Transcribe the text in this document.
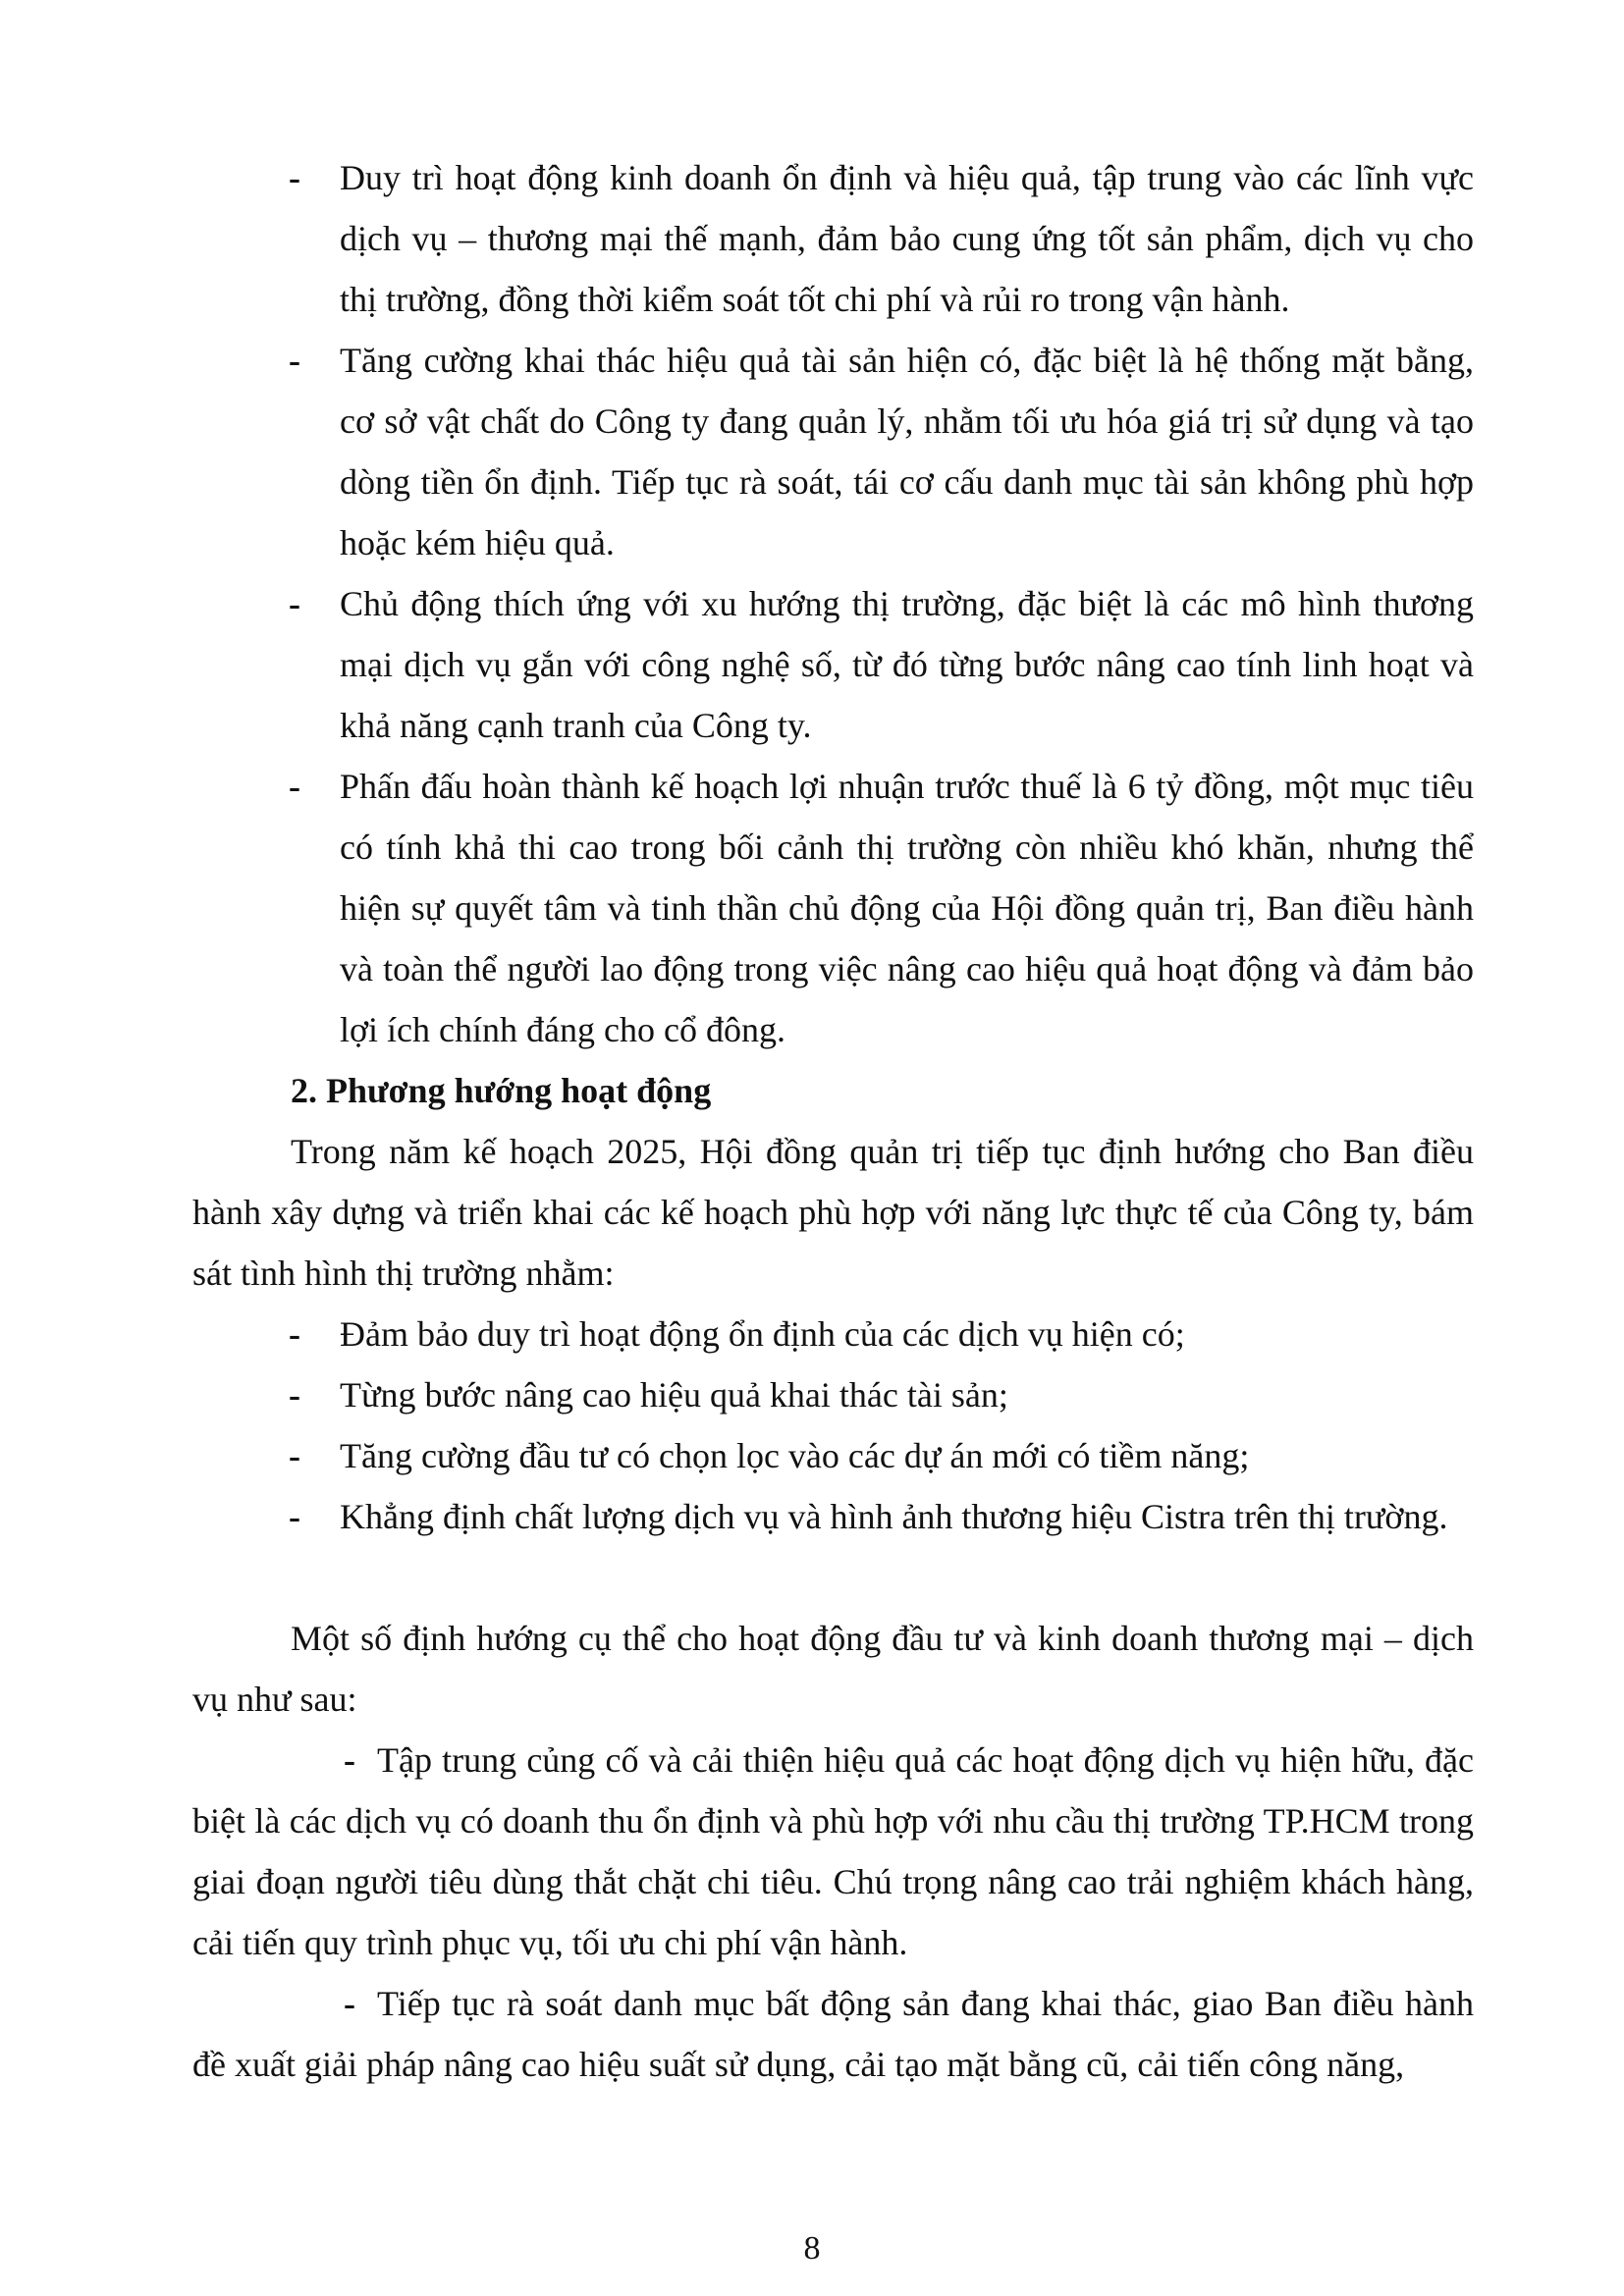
- Duy trì hoạt động kinh doanh ổn định và hiệu quả, tập trung vào các lĩnh vực dịch vụ – thương mại thế mạnh, đảm bảo cung ứng tốt sản phẩm, dịch vụ cho thị trường, đồng thời kiểm soát tốt chi phí và rủi ro trong vận hành.
- Tăng cường khai thác hiệu quả tài sản hiện có, đặc biệt là hệ thống mặt bằng, cơ sở vật chất do Công ty đang quản lý, nhằm tối ưu hóa giá trị sử dụng và tạo dòng tiền ổn định. Tiếp tục rà soát, tái cơ cấu danh mục tài sản không phù hợp hoặc kém hiệu quả.
- Chủ động thích ứng với xu hướng thị trường, đặc biệt là các mô hình thương mại dịch vụ gắn với công nghệ số, từ đó từng bước nâng cao tính linh hoạt và khả năng cạnh tranh của Công ty.
- Phấn đấu hoàn thành kế hoạch lợi nhuận trước thuế là 6 tỷ đồng, một mục tiêu có tính khả thi cao trong bối cảnh thị trường còn nhiều khó khăn, nhưng thể hiện sự quyết tâm và tinh thần chủ động của Hội đồng quản trị, Ban điều hành và toàn thể người lao động trong việc nâng cao hiệu quả hoạt động và đảm bảo lợi ích chính đáng cho cổ đông.
2. Phương hướng hoạt động
Trong năm kế hoạch 2025, Hội đồng quản trị tiếp tục định hướng cho Ban điều hành xây dựng và triển khai các kế hoạch phù hợp với năng lực thực tế của Công ty, bám sát tình hình thị trường nhằm:
- Đảm bảo duy trì hoạt động ổn định của các dịch vụ hiện có;
- Từng bước nâng cao hiệu quả khai thác tài sản;
- Tăng cường đầu tư có chọn lọc vào các dự án mới có tiềm năng;
- Khẳng định chất lượng dịch vụ và hình ảnh thương hiệu Cistra trên thị trường.
Một số định hướng cụ thể cho hoạt động đầu tư và kinh doanh thương mại – dịch vụ như sau:
- Tập trung củng cố và cải thiện hiệu quả các hoạt động dịch vụ hiện hữu, đặc biệt là các dịch vụ có doanh thu ổn định và phù hợp với nhu cầu thị trường TP.HCM trong giai đoạn người tiêu dùng thắt chặt chi tiêu. Chú trọng nâng cao trải nghiệm khách hàng, cải tiến quy trình phục vụ, tối ưu chi phí vận hành.
- Tiếp tục rà soát danh mục bất động sản đang khai thác, giao Ban điều hành đề xuất giải pháp nâng cao hiệu suất sử dụng, cải tạo mặt bằng cũ, cải tiến công năng,
8
